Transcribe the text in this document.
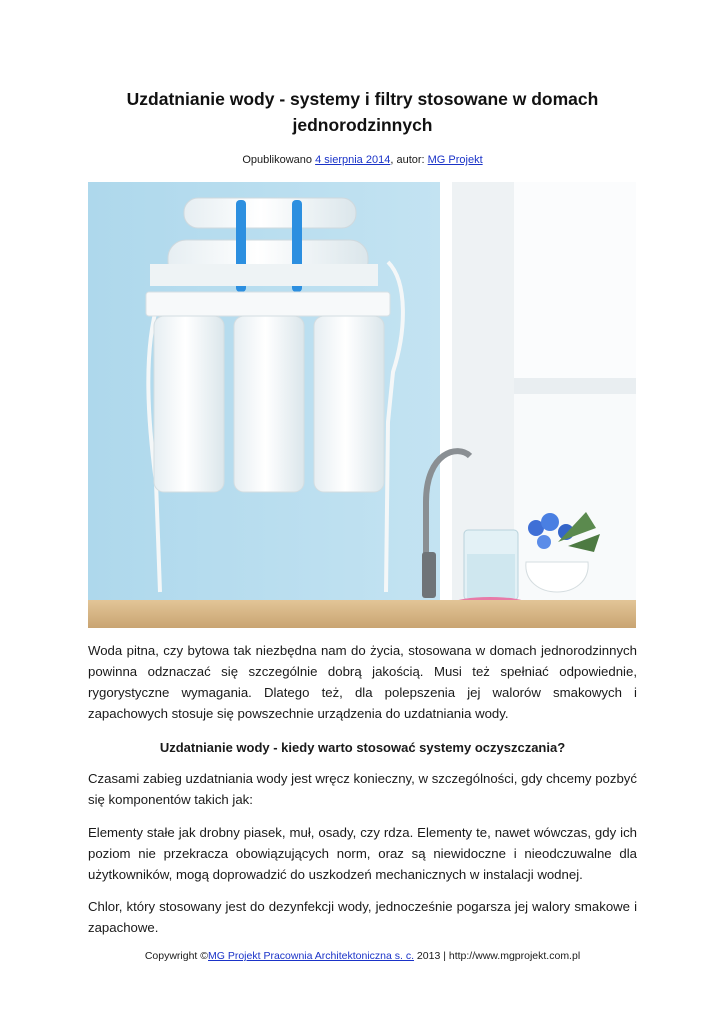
Uzdatnianie wody - systemy i filtry stosowane w domach jednorodzinnych
Opublikowano 4 sierpnia 2014, autor: MG Projekt

Woda pitna, czy bytowa tak niezbędna nam do życia, stosowana w domach jednorodzinnych powinna odznaczać się szczególnie dobrą jakością. Musi też spełniać odpowiednie, rygorystyczne wymagania. Dlatego też, dla polepszenia jej walorów smakowych i zapachowych stosuje się powszechnie urządzenia do uzdatniania wody.

Uzdatnianie wody - kiedy warto stosować systemy oczyszczania?

Czasami zabieg uzdatniania wody jest wręcz konieczny, w szczególności, gdy chcemy pozbyć się komponentów takich jak:

Elementy stałe jak drobny piasek, muł, osady, czy rdza. Elementy te, nawet wówczas, gdy ich poziom nie przekracza obowiązujących norm, oraz są niewidoczne i nieodczuwalne dla użytkowników, mogą doprowadzić do uszkodzeń mechanicznych w instalacji wodnej.

Chlor, który stosowany jest do dezynfekcji wody, jednocześnie pogarsza jej walory smakowe i zapachowe.

Copywright ©MG Projekt Pracownia Architektoniczna s. c. 2013 | http://www.mgprojekt.com.pl
